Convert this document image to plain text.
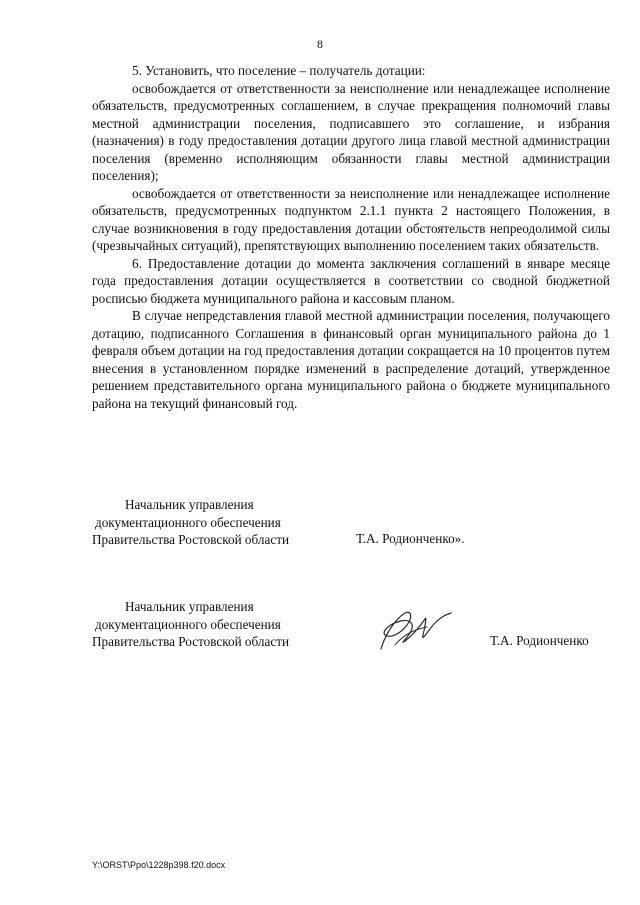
8

5. Установить, что поселение – получатель дотации:

освобождается от ответственности за неисполнение или ненадлежащее исполнение обязательств, предусмотренных соглашением, в случае прекращения полномочий главы местной администрации поселения, подписавшего это соглашение, и избрания (назначения) в году предоставления дотации другого лица главой местной администрации поселения (временно исполняющим обязанности главы местной администрации поселения);

освобождается от ответственности за неисполнение или ненадлежащее исполнение обязательств, предусмотренных подпунктом 2.1.1 пункта 2 настоящего Положения, в случае возникновения в году предоставления дотации обстоятельств непреодолимой силы (чрезвычайных ситуаций), препятствующих выполнению поселением таких обязательств.

6. Предоставление дотации до момента заключения соглашений в январе месяце года предоставления дотации осуществляется в соответствии со сводной бюджетной росписью бюджета муниципального района и кассовым планом.

В случае непредставления главой местной администрации поселения, получающего дотацию, подписанного Соглашения в финансовый орган муниципального района до 1 февраля объем дотации на год предоставления дотации сокращается на 10 процентов путем внесения в установленном порядке изменений в распределение дотаций, утвержденное решением представительного органа муниципального района о бюджете муниципального района на текущий финансовый год.

Начальник управления
документационного обеспечения
Правительства Ростовской области	Т.А. Родионченко».
Начальник управления
документационного обеспечения
Правительства Ростовской области	Т.А. Родионченко
Y:\ORST\Ppo\1228p398.f20.docx
